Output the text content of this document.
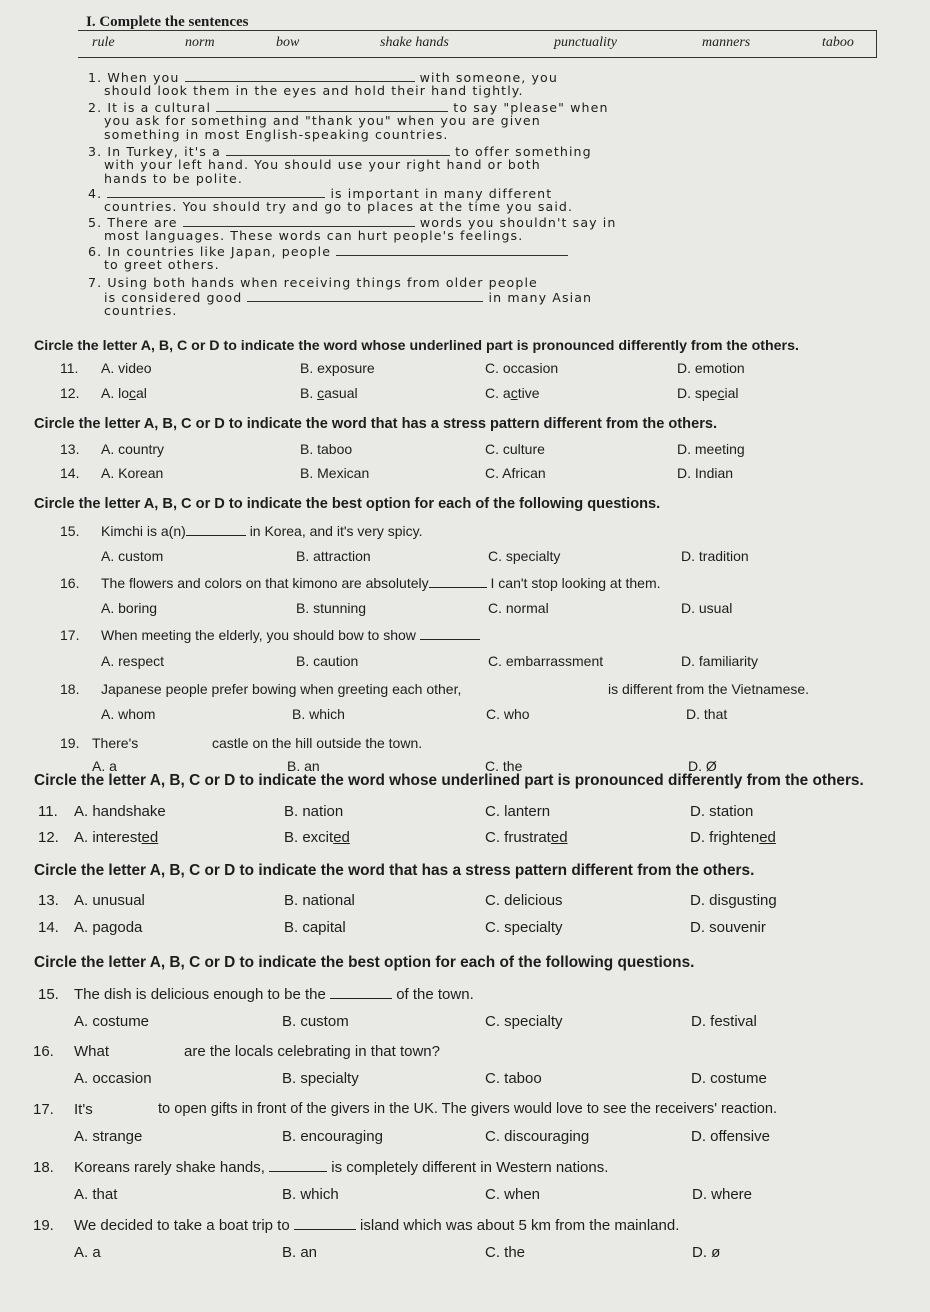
I. Complete the sentences
rule	norm	bow	shake hands	punctuality	manners	taboo
1. When you	with someone, you
should look them in the eyes and hold their hand tightly.
2. It is a cultural	to say "please" when
you ask for something and "thank you" when you are given
something in most English-speaking countries.
3. In Turkey, it's a	to offer something
with your left hand. You should use your right hand or both
hands to be polite.
4.	is important in many different
countries. You should try and go to places at the time you said.
5. There are	words you shouldn't say in
most languages. These words can hurt people's feelings.
6. In countries like Japan, people
to greet others.
7. Using both hands when receiving things from older people
is considered good	in many Asian
countries.
Circle the letter A, B, C or D to indicate the word whose underlined part is pronounced differently from the others.
11. A. video	B. exposure	C. occasion	D. emotion
12. A. local	B. casual	C. active	D. special
Circle the letter A, B, C or D to indicate the word that has a stress pattern different from the others.
13. A. country	B. taboo	C. culture	D. meeting
14. A. Korean	B. Mexican	C. African	D. Indian
Circle the letter A, B, C or D to indicate the best option for each of the following questions.
15. Kimchi is a(n)	in Korea, and it's very spicy.
A. custom	B. attraction	C. specialty	D. tradition
16. The flowers and colors on that kimono are absolutely	I can't stop looking at them.
A. boring	B. stunning	C. normal	D. usual
17. When meeting the elderly, you should bow to show
A. respect	B. caution	C. embarrassment	D. familiarity
18. Japanese people prefer bowing when greeting each other,	is different from the Vietnamese.
A. whom	B. which	C. who	D. that
19. There's	castle on the hill outside the town.
A. a	B. an	C. the	D. Ø
Circle the letter A, B, C or D to indicate the word whose underlined part is pronounced differently from the others.
11. A. handshake	B. nation	C. lantern	D. station
12. A. interested	B. excited	C. frustrated	D. frightened
Circle the letter A, B, C or D to indicate the word that has a stress pattern different from the others.
13. A. unusual	B. national	C. delicious	D. disgusting
14. A. pagoda	B. capital	C. specialty	D. souvenir
Circle the letter A, B, C or D to indicate the best option for each of the following questions.
15. The dish is delicious enough to be the	of the town.
A. costume	B. custom	C. specialty	D. festival
16. What	are the locals celebrating in that town?
A. occasion	B. specialty	C. taboo	D. costume
17. It's	to open gifts in front of the givers in the UK. The givers would love to see the receivers' reaction.
A. strange	B. encouraging	C. discouraging	D. offensive
18. Koreans rarely shake hands,	is completely different in Western nations.
A. that	B. which	C. when	D. where
19. We decided to take a boat trip to	island which was about 5 km from the mainland.
A. a	B. an	C. the	D. ø
